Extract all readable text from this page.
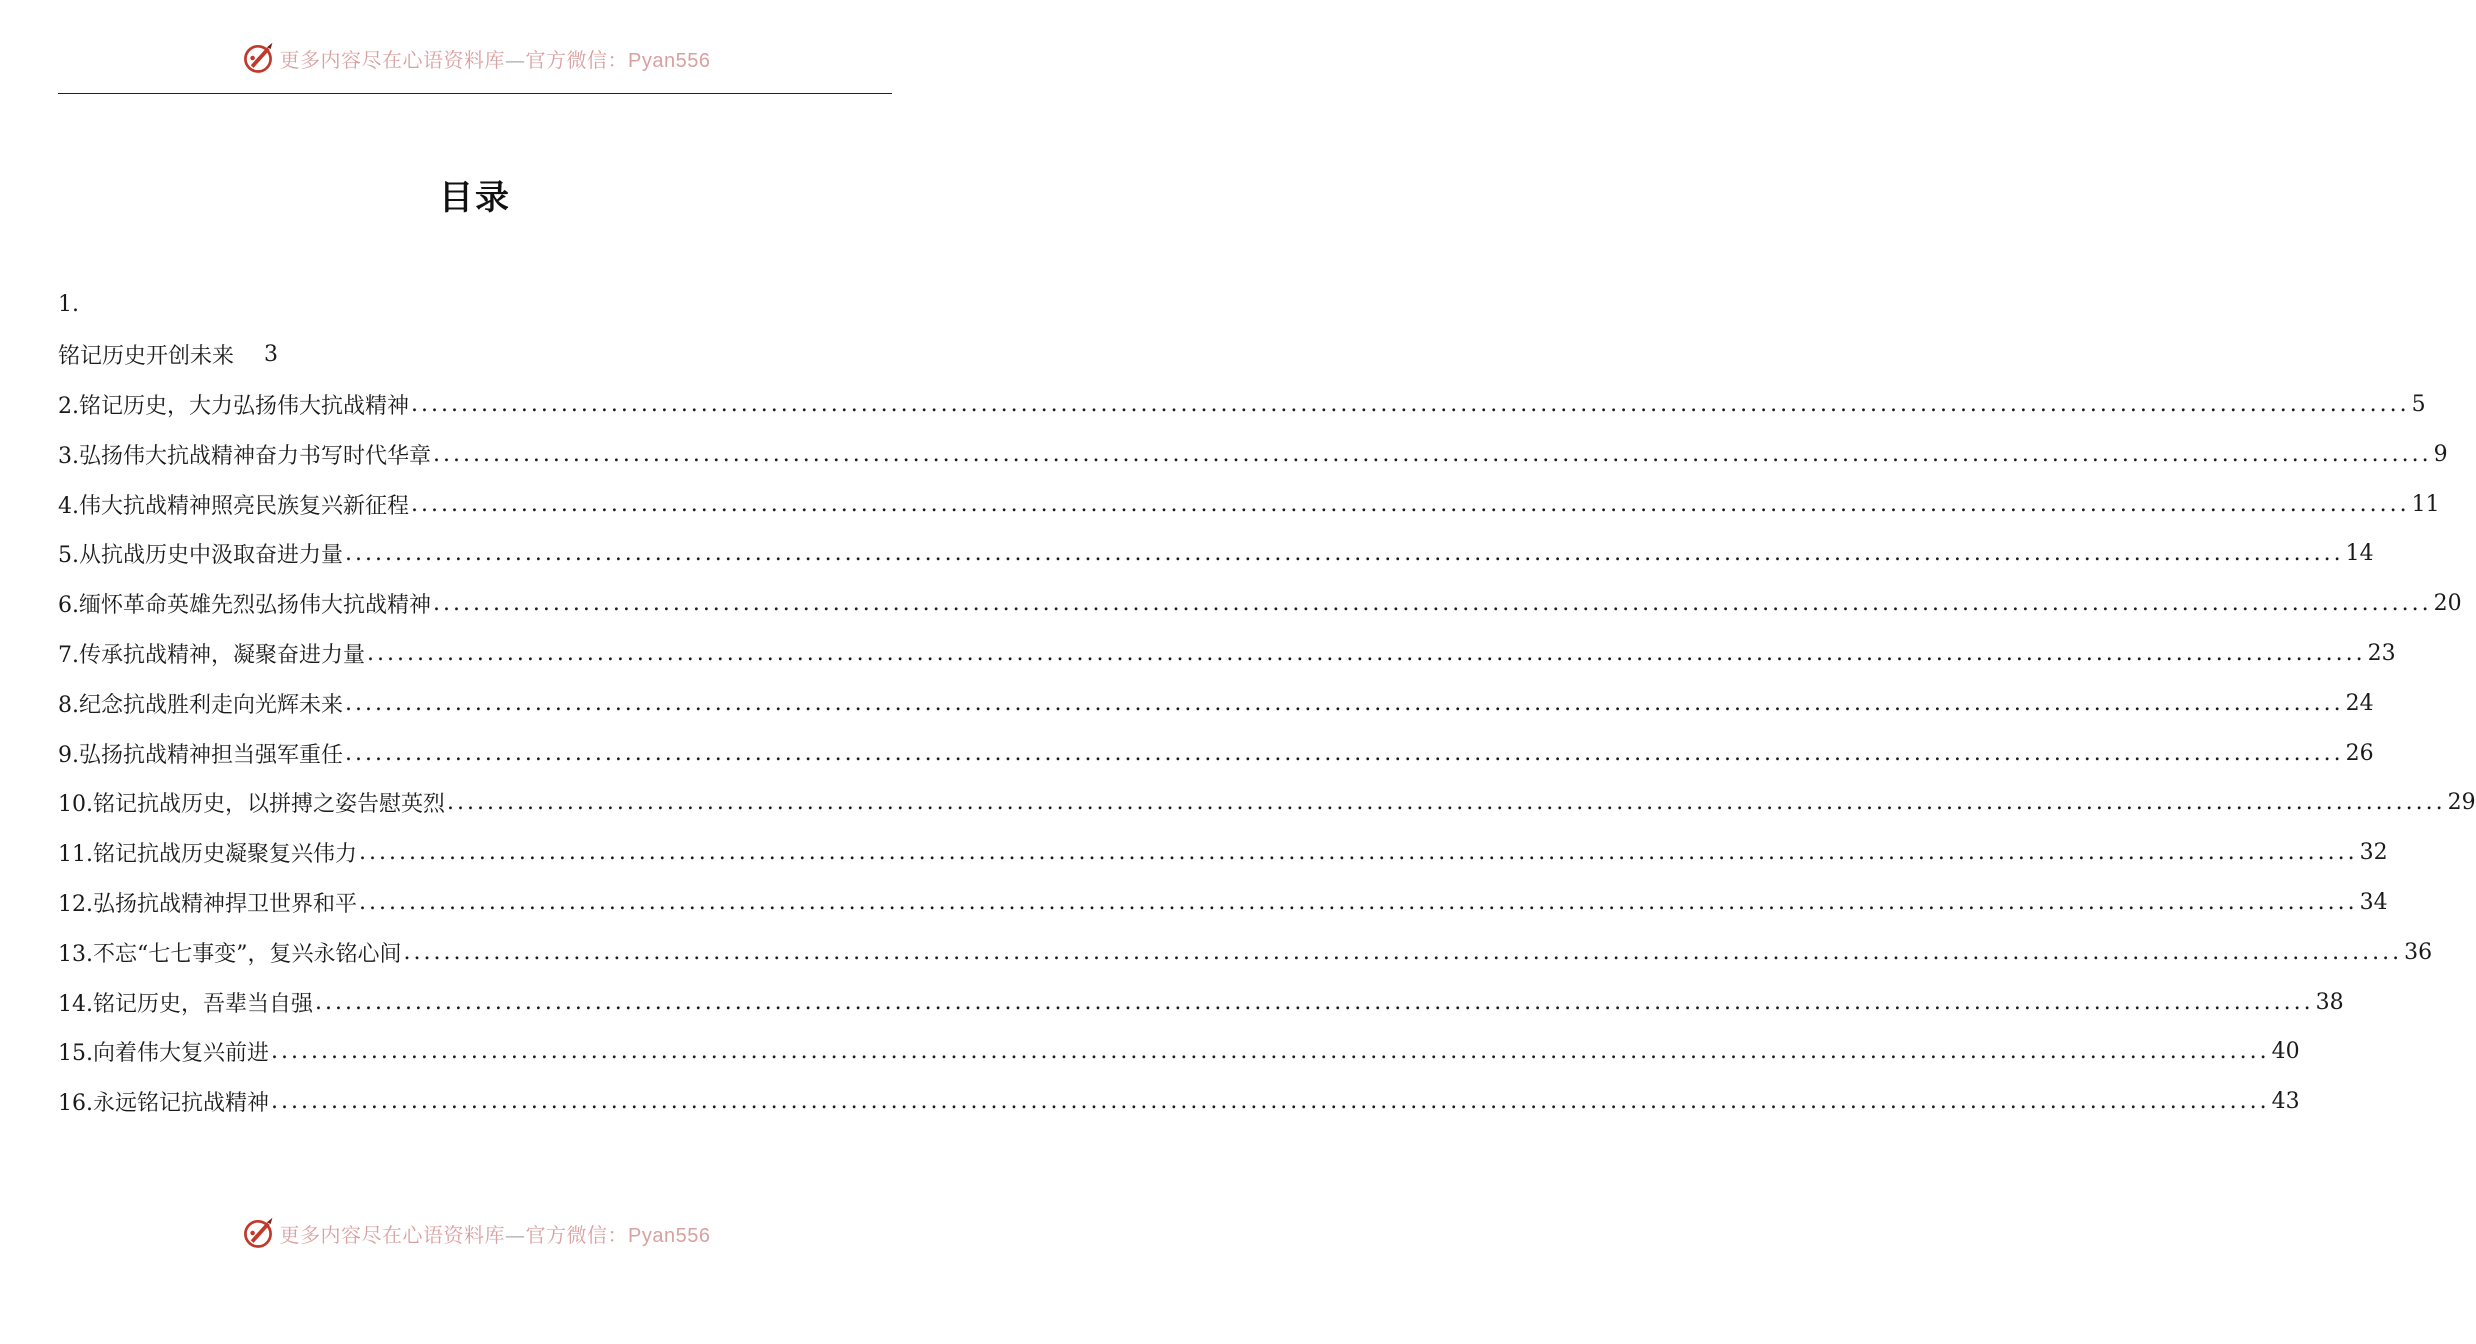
更多内容尽在心语资料库—官方微信：Pyan556
目录
1.
铭记历史开创未来 3
2.铭记历史，大力弘扬伟大抗战精神 ........................................................................................................................................................................................................ 5
3.弘扬伟大抗战精神奋力书写时代华章 ........................................................................................................................................................................................................ 9
4.伟大抗战精神照亮民族复兴新征程 ........................................................................................................................................................................................................ 11
5.从抗战历史中汲取奋进力量 ........................................................................................................................................................................................................ 14
6.缅怀革命英雄先烈弘扬伟大抗战精神 ........................................................................................................................................................................................................ 20
7.传承抗战精神，凝聚奋进力量 ........................................................................................................................................................................................................ 23
8.纪念抗战胜利走向光辉未来 ........................................................................................................................................................................................................ 24
9.弘扬抗战精神担当强军重任 ........................................................................................................................................................................................................ 26
10.铭记抗战历史，以拼搏之姿告慰英烈 ........................................................................................................................................................................................................ 29
11.铭记抗战历史凝聚复兴伟力 ........................................................................................................................................................................................................ 32
12.弘扬抗战精神捍卫世界和平 ........................................................................................................................................................................................................ 34
13.不忘“七七事变”，复兴永铭心间 ........................................................................................................................................................................................................ 36
14.铭记历史，吾辈当自强 ........................................................................................................................................................................................................ 38
15.向着伟大复兴前进 ........................................................................................................................................................................................................ 40
16.永远铭记抗战精神 ........................................................................................................................................................................................................ 43
更多内容尽在心语资料库—官方微信：Pyan556
